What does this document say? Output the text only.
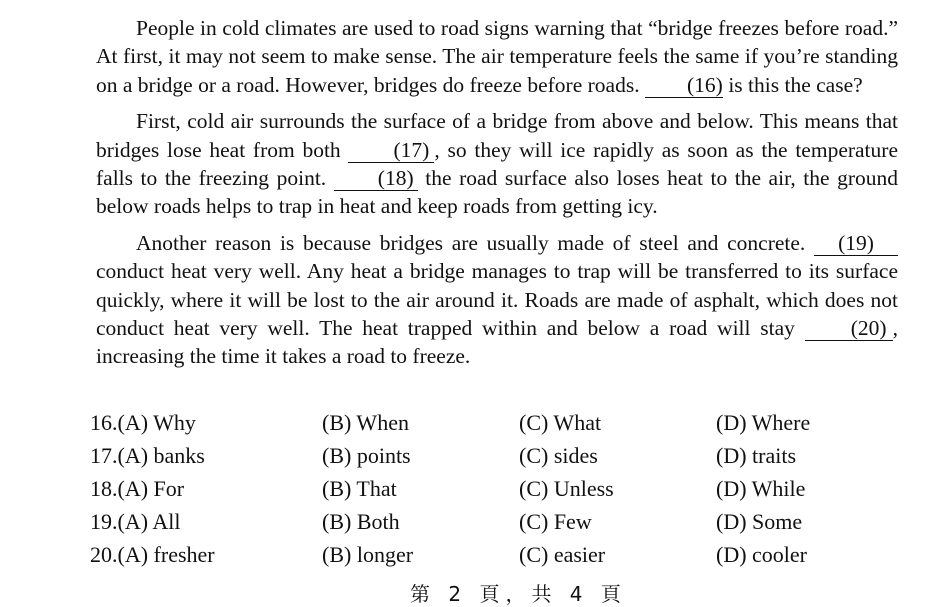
People in cold climates are used to road signs warning that “bridge freezes before road.” At first, it may not seem to make sense. The air temperature feels the same if you’re standing on a bridge or a road. However, bridges do freeze before roads. (16) is this the case?

First, cold air surrounds the surface of a bridge from above and below. This means that bridges lose heat from both (17) , so they will ice rapidly as soon as the temperature falls to the freezing point. (18) the road surface also loses heat to the air, the ground below roads helps to trap in heat and keep roads from getting icy.

Another reason is because bridges are usually made of steel and concrete. (19) conduct heat very well. Any heat a bridge manages to trap will be transferred to its surface quickly, where it will be lost to the air around it. Roads are made of asphalt, which does not conduct heat very well. The heat trapped within and below a road will stay	(20) , increasing the time it takes a road to freeze.

16.(A) Why	(B) When	(C) What	(D) Where
17.(A) banks	(B) points	(C) sides	(D) traits
18.(A) For	(B) That	(C) Unless	(D) While
19.(A) All	(B) Both	(C) Few	(D) Some
20.(A) fresher	(B) longer	(C) easier	(D) cooler
第 2 頁，共 4 頁
